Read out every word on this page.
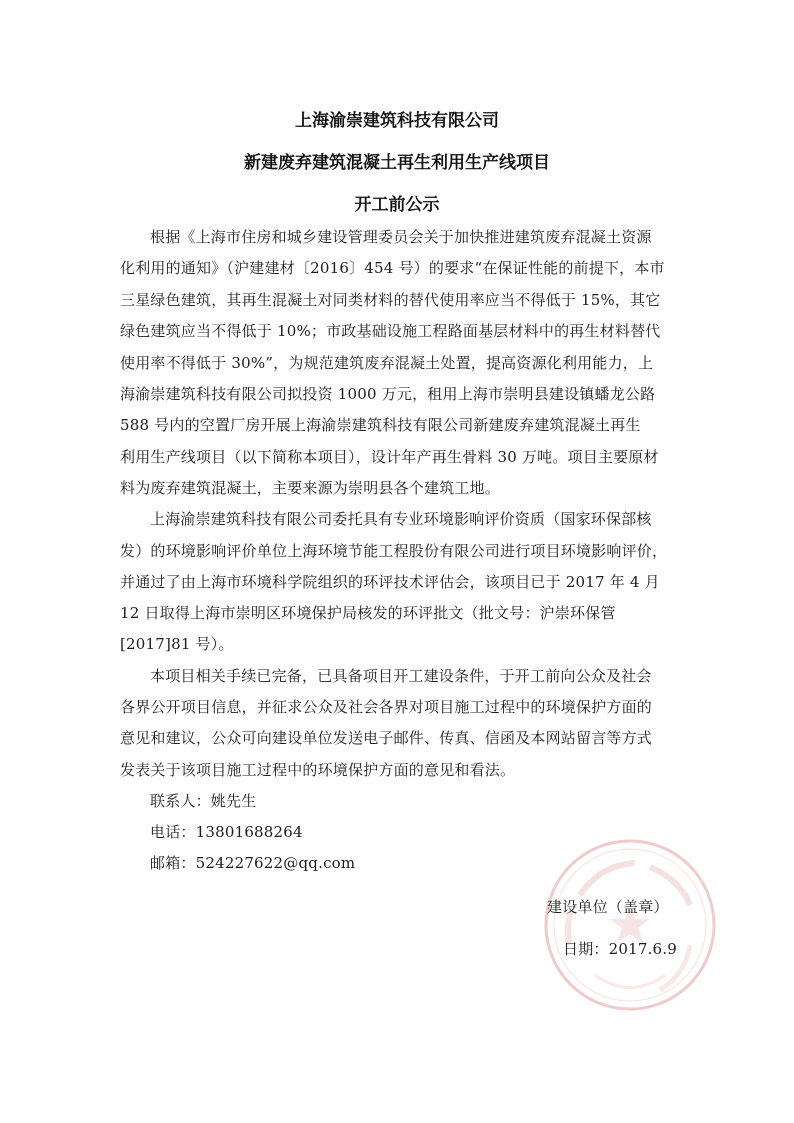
上海渝崇建筑科技有限公司
新建废弃建筑混凝土再生利用生产线项目
开工前公示
根据《上海市住房和城乡建设管理委员会关于加快推进建筑废弃混凝土资源
化利用的通知》（沪建建材〔2016〕454 号）的要求“在保证性能的前提下，本市
三星绿色建筑，其再生混凝土对同类材料的替代使用率应当不得低于 15%，其它
绿色建筑应当不得低于 10%；市政基础设施工程路面基层材料中的再生材料替代
使用率不得低于 30%”，为规范建筑废弃混凝土处置，提高资源化利用能力，上
海渝崇建筑科技有限公司拟投资 1000 万元，租用上海市崇明县建设镇蟠龙公路
588 号内的空置厂房开展上海渝崇建筑科技有限公司新建废弃建筑混凝土再生
利用生产线项目（以下简称本项目），设计年产再生骨料 30 万吨。项目主要原材
料为废弃建筑混凝土，主要来源为崇明县各个建筑工地。
上海渝崇建筑科技有限公司委托具有专业环境影响评价资质（国家环保部核
发）的环境影响评价单位上海环境节能工程股份有限公司进行项目环境影响评价，
并通过了由上海市环境科学院组织的环评技术评估会，该项目已于 2017 年 4 月
12 日取得上海市崇明区环境保护局核发的环评批文（批文号：沪崇环保管
[2017]81 号）。
本项目相关手续已完备，已具备项目开工建设条件，于开工前向公众及社会
各界公开项目信息，并征求公众及社会各界对项目施工过程中的环境保护方面的
意见和建议，公众可向建设单位发送电子邮件、传真、信函及本网站留言等方式
发表关于该项目施工过程中的环境保护方面的意见和看法。
联系人：姚先生
电话：13801688264
邮箱：524227622@qq.com
建设单位（盖章）
日期：2017.6.9
